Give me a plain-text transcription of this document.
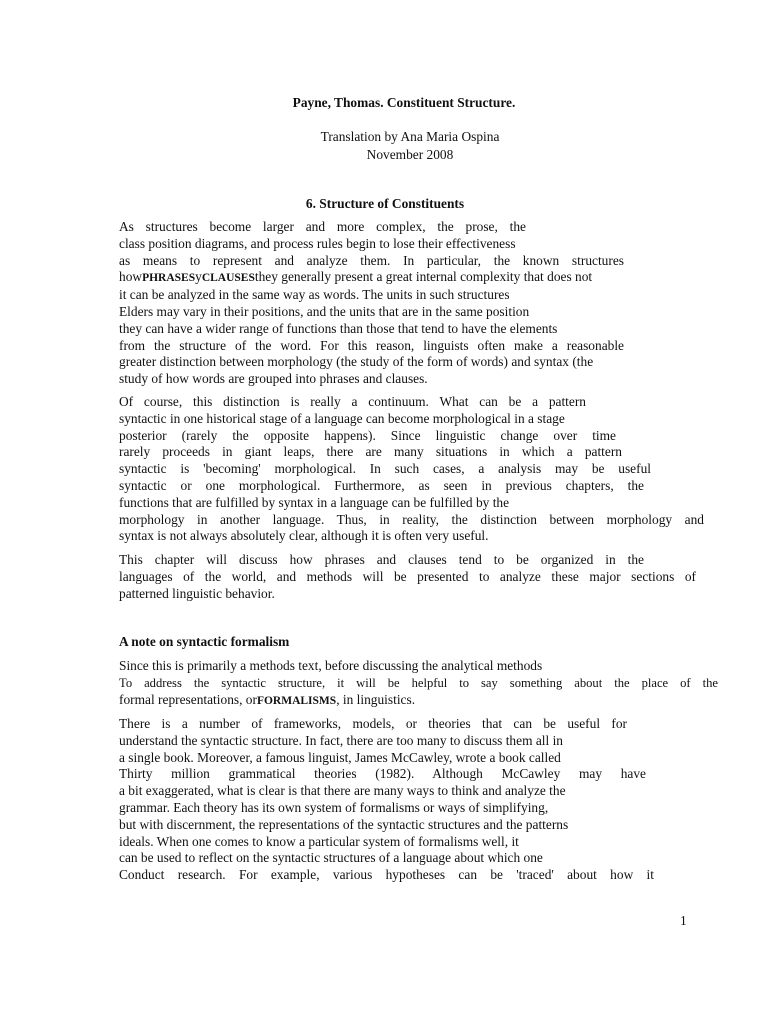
Payne, Thomas. Constituent Structure.
Translation by Ana Maria Ospina
November 2008
6. Structure of Constituents
As structures become larger and more complex, the prose, the
class position diagrams, and process rules begin to lose their effectiveness
as means to represent and analyze them. In particular, the known structures
howPHRASESyCLAUSESthey generally present a great internal complexity that does not
it can be analyzed in the same way as words. The units in such structures
Elders may vary in their positions, and the units that are in the same position
they can have a wider range of functions than those that tend to have the elements
from the structure of the word. For this reason, linguists often make a reasonable
greater distinction between morphology (the study of the form of words) and syntax (the
study of how words are grouped into phrases and clauses.
Of course, this distinction is really a continuum. What can be a pattern
syntactic in one historical stage of a language can become morphological in a stage
posterior (rarely the opposite happens). Since linguistic change over time
rarely proceeds in giant leaps, there are many situations in which a pattern
syntactic is 'becoming' morphological. In such cases, a analysis may be useful
syntactic or one morphological. Furthermore, as seen in previous chapters, the
functions that are fulfilled by syntax in a language can be fulfilled by the
morphology in another language. Thus, in reality, the distinction between morphology and
syntax is not always absolutely clear, although it is often very useful.
This chapter will discuss how phrases and clauses tend to be organized in the
languages of the world, and methods will be presented to analyze these major sections of
patterned linguistic behavior.
A note on syntactic formalism
Since this is primarily a methods text, before discussing the analytical methods
To address the syntactic structure, it will be helpful to say something about the place of the
formal representations, orFORMALISMS, in linguistics.
There is a number of frameworks, models, or theories that can be useful for
understand the syntactic structure. In fact, there are too many to discuss them all in
a single book. Moreover, a famous linguist, James McCawley, wrote a book called
Thirty million grammatical theories (1982). Although McCawley may have
a bit exaggerated, what is clear is that there are many ways to think and analyze the
grammar. Each theory has its own system of formalisms or ways of simplifying,
but with discernment, the representations of the syntactic structures and the patterns
ideals. When one comes to know a particular system of formalisms well, it
can be used to reflect on the syntactic structures of a language about which one
Conduct research. For example, various hypotheses can be 'traced' about how it
1
